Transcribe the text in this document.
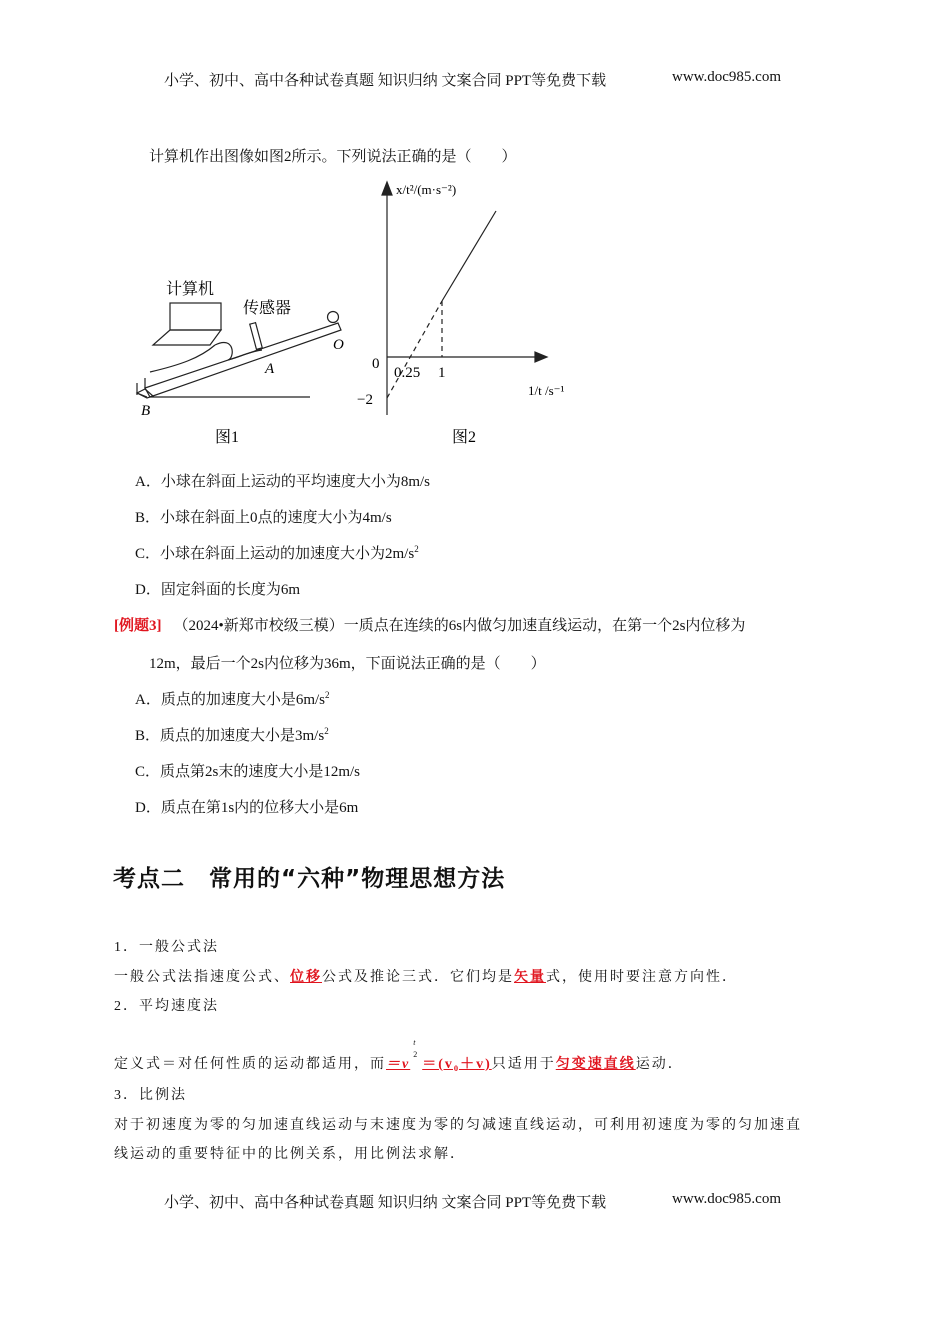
小学、初中、高中各种试卷真题 知识归纳 文案合同 PPT等免费下载	www.doc985.com
计算机作出图像如图2所示。下列说法正确的是（　　）
计算机
传感器
A
B
O
图1
x/t²/(m·s⁻²)
1/t /s⁻¹
0
0.25 1
−2
图2
A．小球在斜面上运动的平均速度大小为8m/s
B．小球在斜面上0点的速度大小为4m/s
C．小球在斜面上运动的加速度大小为$2m/s^2$
D．固定斜面的长度为6m
[例题3] （2024•新郑市校级三模）一质点在连续的6s内做匀加速直线运动，在第一个2s内位移为
12m，最后一个2s内位移为36m，下面说法正确的是（　　）
A．质点的加速度大小是$6m/s^2$
B．质点的加速度大小是$3m/s^2$
C．质点第2s末的速度大小是12m/s
D．质点在第1s内的位移大小是6m
考点二　常用的“六种”物理思想方法
1．一般公式法
一般公式法指速度公式、位移公式及推论三式．它们均是矢量式，使用时要注意方向性．
2．平均速度法
定义式＝对任何性质的运动都适用，而＝v
t
2
＝(v₀＋v)只适用于匀变速直线运动．
3．比例法
对于初速度为零的匀加速直线运动与末速度为零的匀减速直线运动，可利用初速度为零的匀加速直
线运动的重要特征中的比例关系，用比例法求解．
小学、初中、高中各种试卷真题 知识归纳 文案合同 PPT等免费下载	www.doc985.com
